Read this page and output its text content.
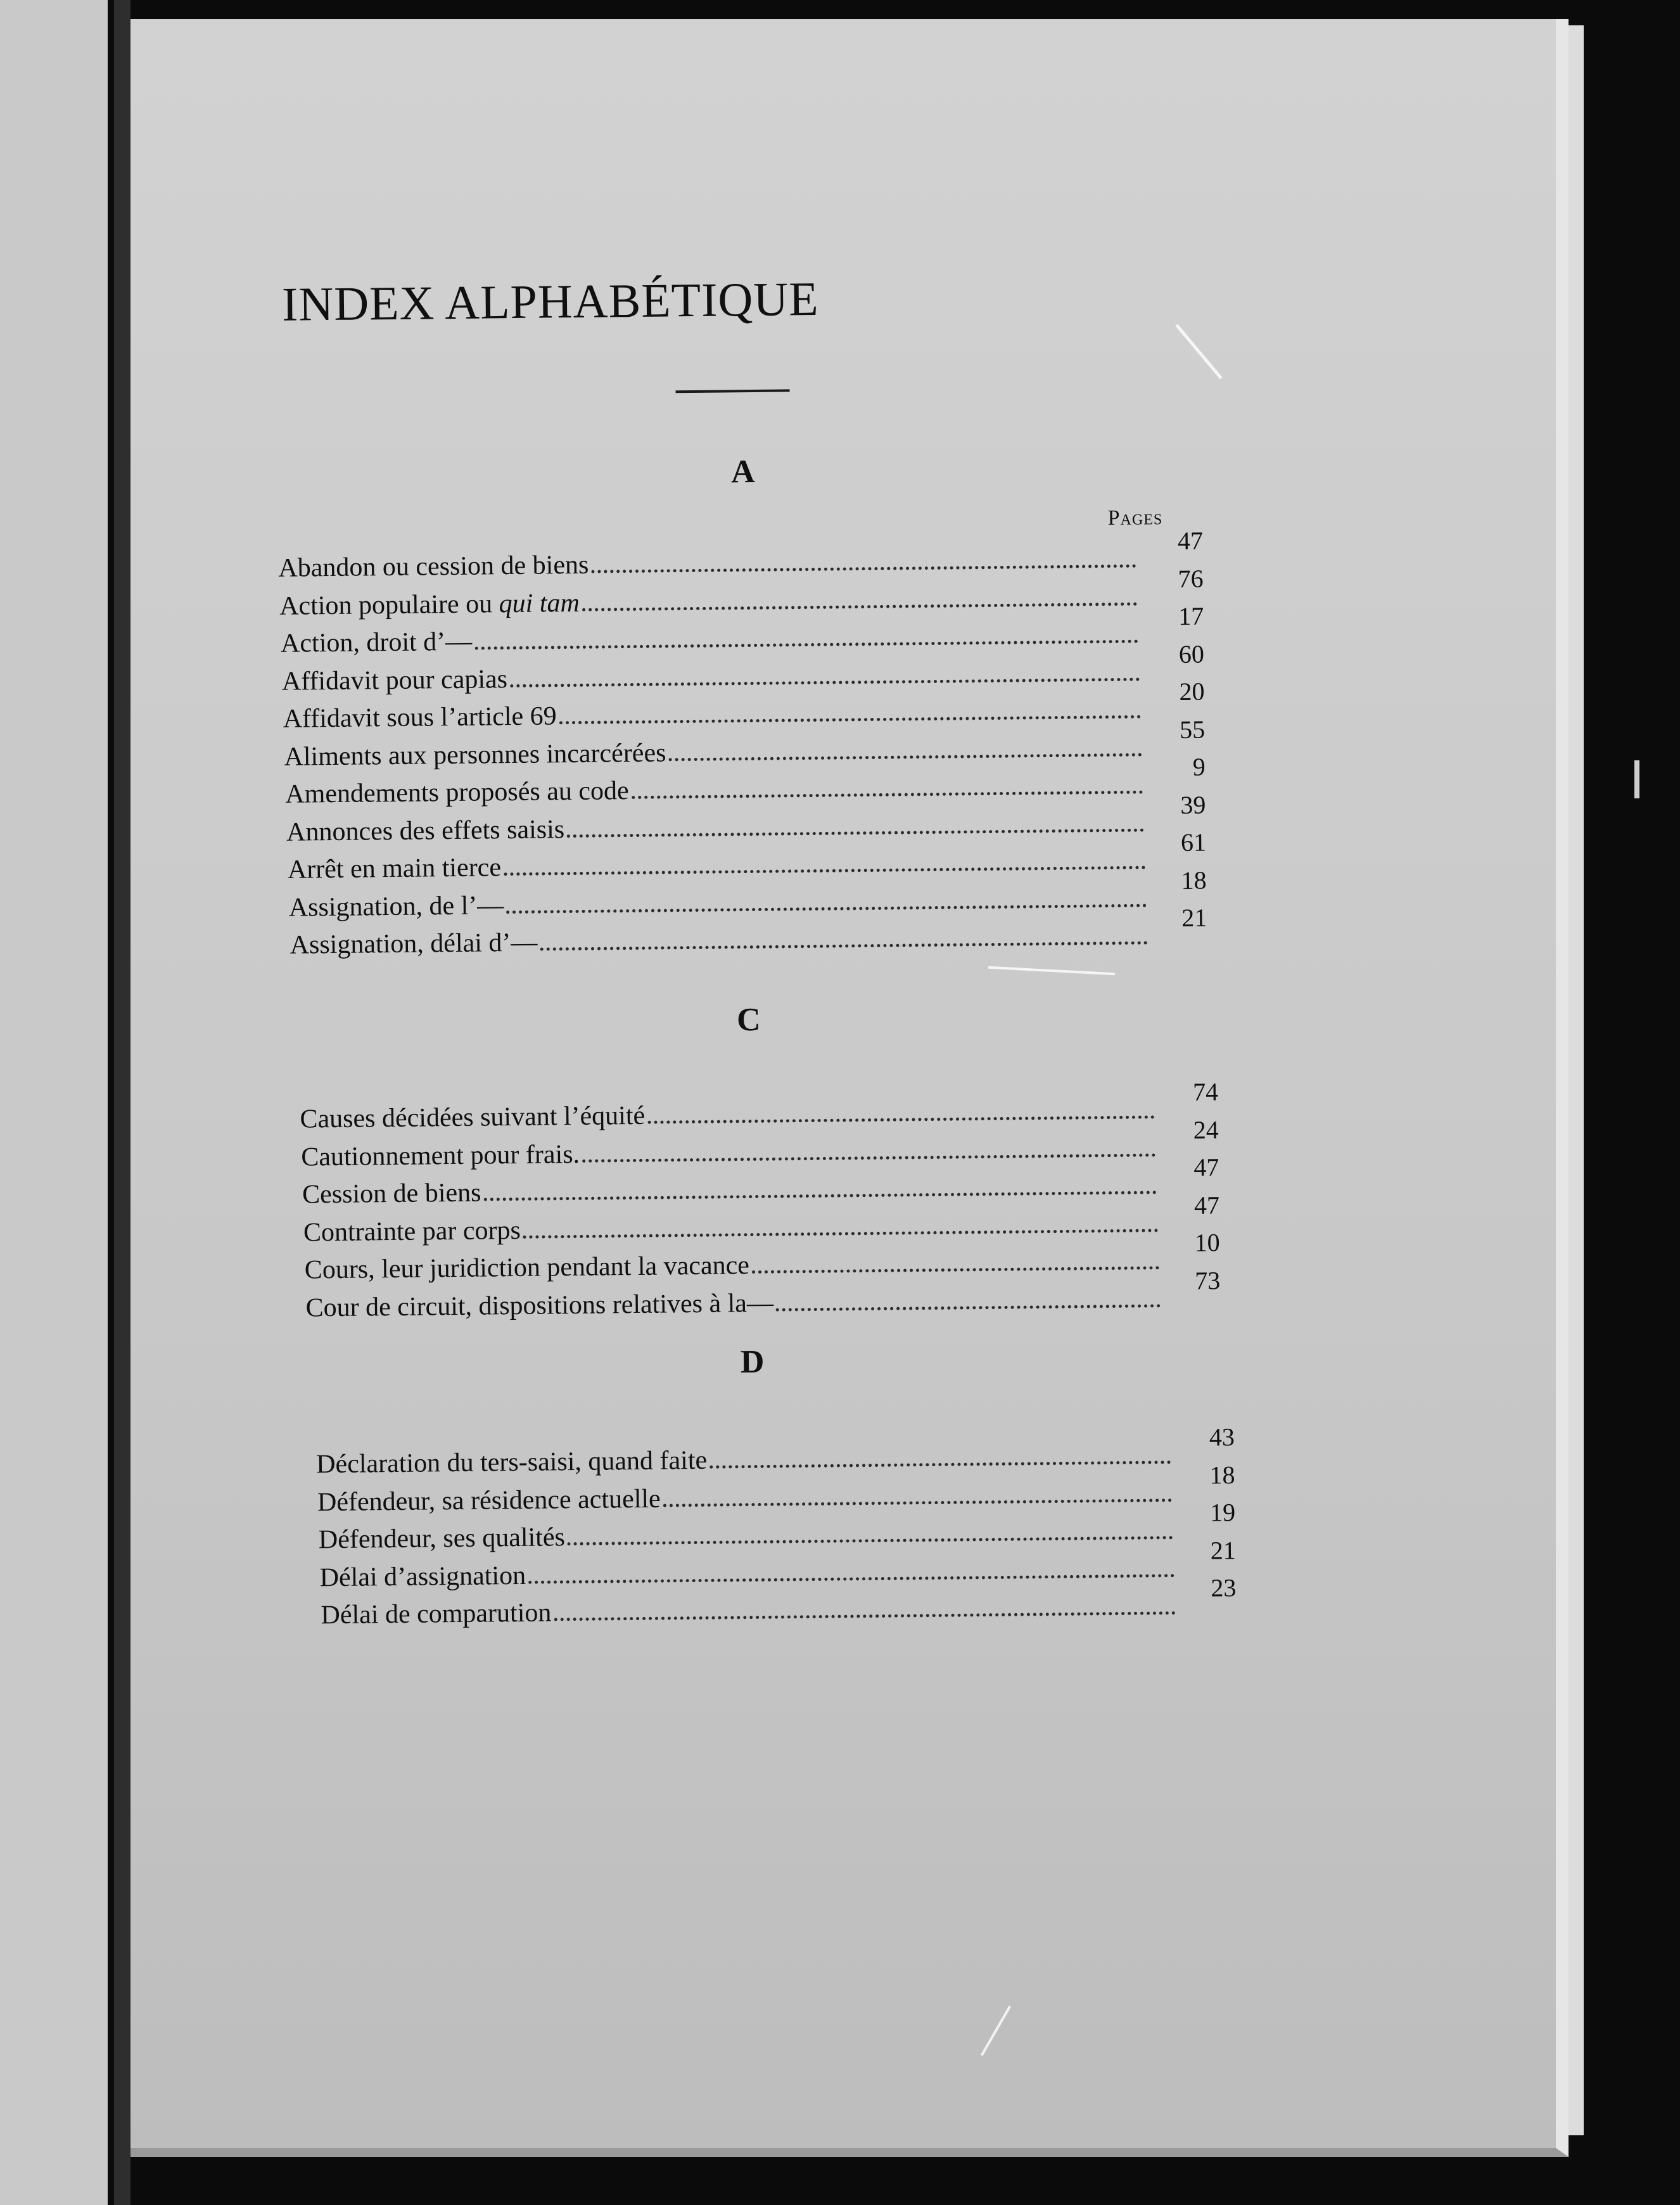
INDEX ALPHABÉTIQUE
A
Pages
Abandon ou cession de biens
47
Action populaire ou qui tam
76
Action, droit d’—
17
Affidavit pour capias
60
Affidavit sous l’article 69
20
Aliments aux personnes incarcérées
55
Amendements proposés au code
9
Annonces des effets saisis
39
Arrêt en main tierce
61
Assignation, de l’—
18
Assignation, délai d’—
21
C
Causes décidées suivant l’équité
74
Cautionnement pour frais.
24
Cession de biens
47
Contrainte par corps
47
Cours, leur juridiction pendant la vacance
10
Cour de circuit, dispositions relatives à la—
73
D
Déclaration du ters-saisi, quand faite
43
Défendeur, sa résidence actuelle
18
Défendeur, ses qualités
19
Délai d’assignation
21
Délai de comparution
23
